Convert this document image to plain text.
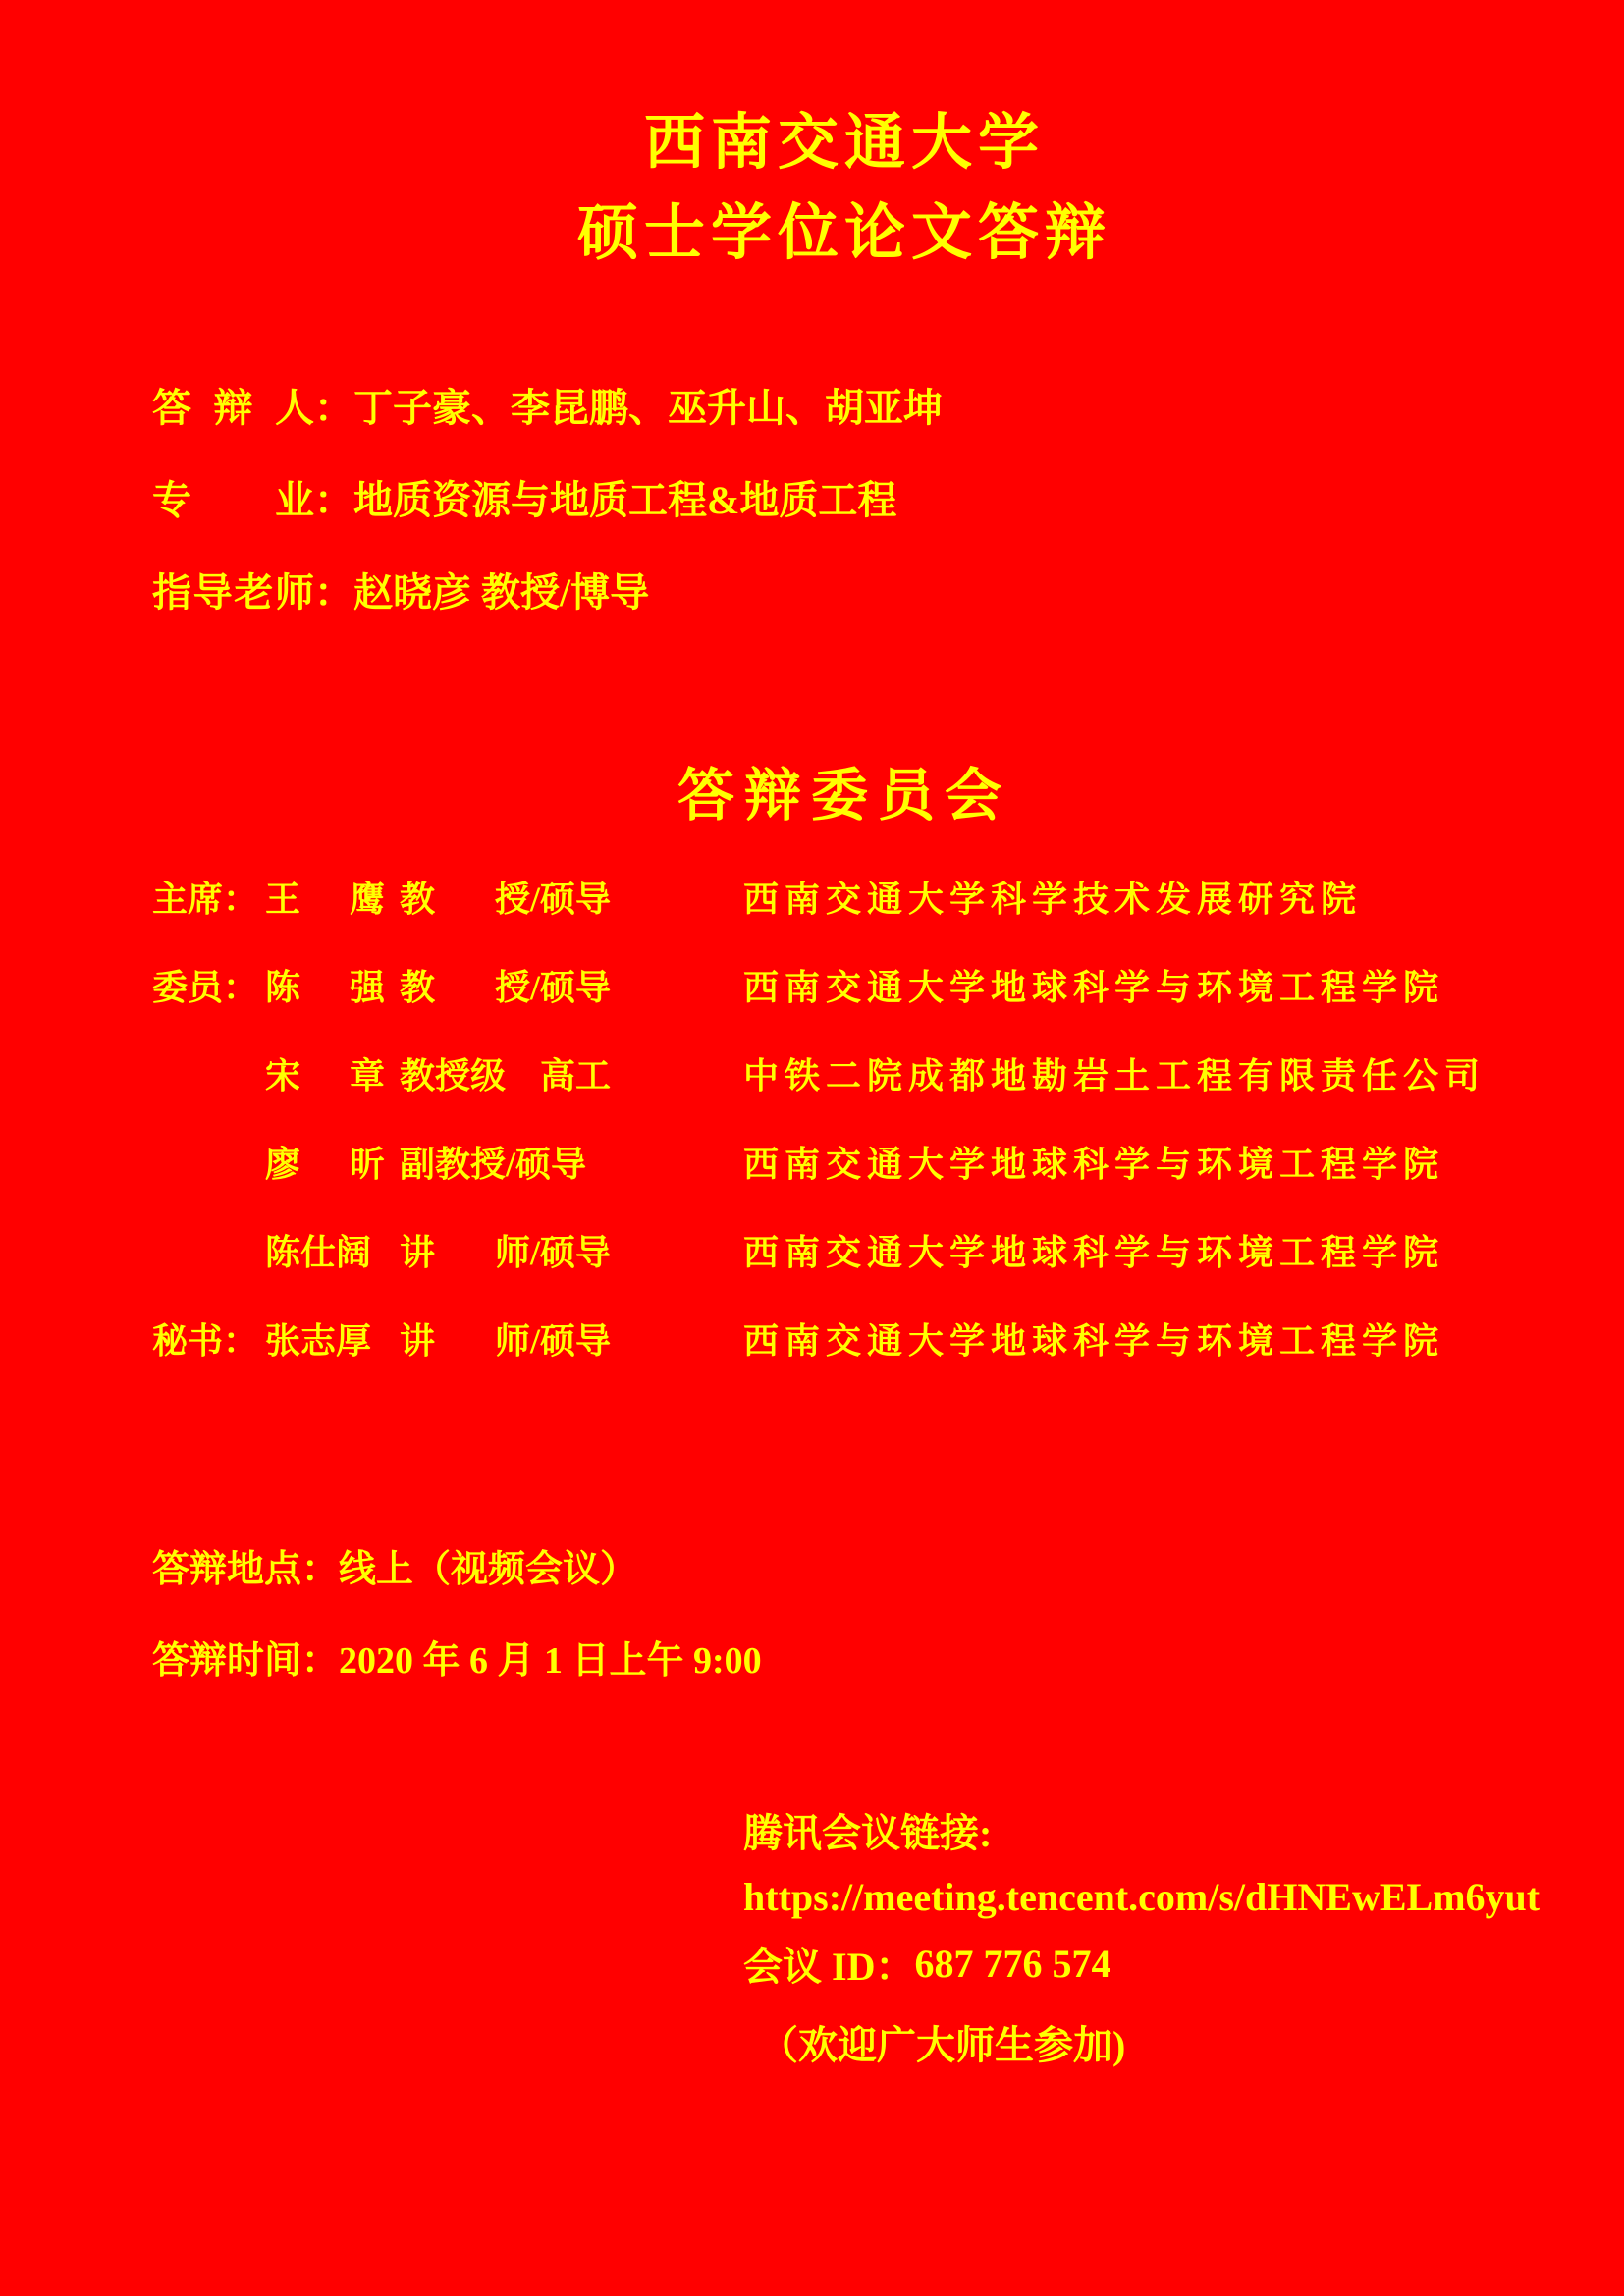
西南交通大学
硕士学位论文答辩
答 辩 人 ： 丁子豪、李昆鹏、巫升山、胡亚坤
专 业 ： 地质资源与地质工程&地质工程
指 导 老 师 ： 赵晓彦 教授/博导
答辩委员会
主席： 王 鹰 教 授/硕导	西南交通大学科学技术发展研究院
委员： 陈 强 教 授/硕导	西南交通大学地球科学与环境工程学院
宋 章 教授级 高工	中铁二院成都地勘岩土工程有限责任公司
廖 昕 副教授/硕导	西南交通大学地球科学与环境工程学院
陈仕阔 讲 师/硕导	西南交通大学地球科学与环境工程学院
秘书： 张志厚 讲 师/硕导	西南交通大学地球科学与环境工程学院
答辩地点： 线上（视频会议）
答辩时间： 2020 年 6 月 1 日上午 9:00
腾讯会议链接:
https://meeting.tencent.com/s/dHNEwELm6yut
会议 ID： 687 776 574
（欢迎广大师生参加)
